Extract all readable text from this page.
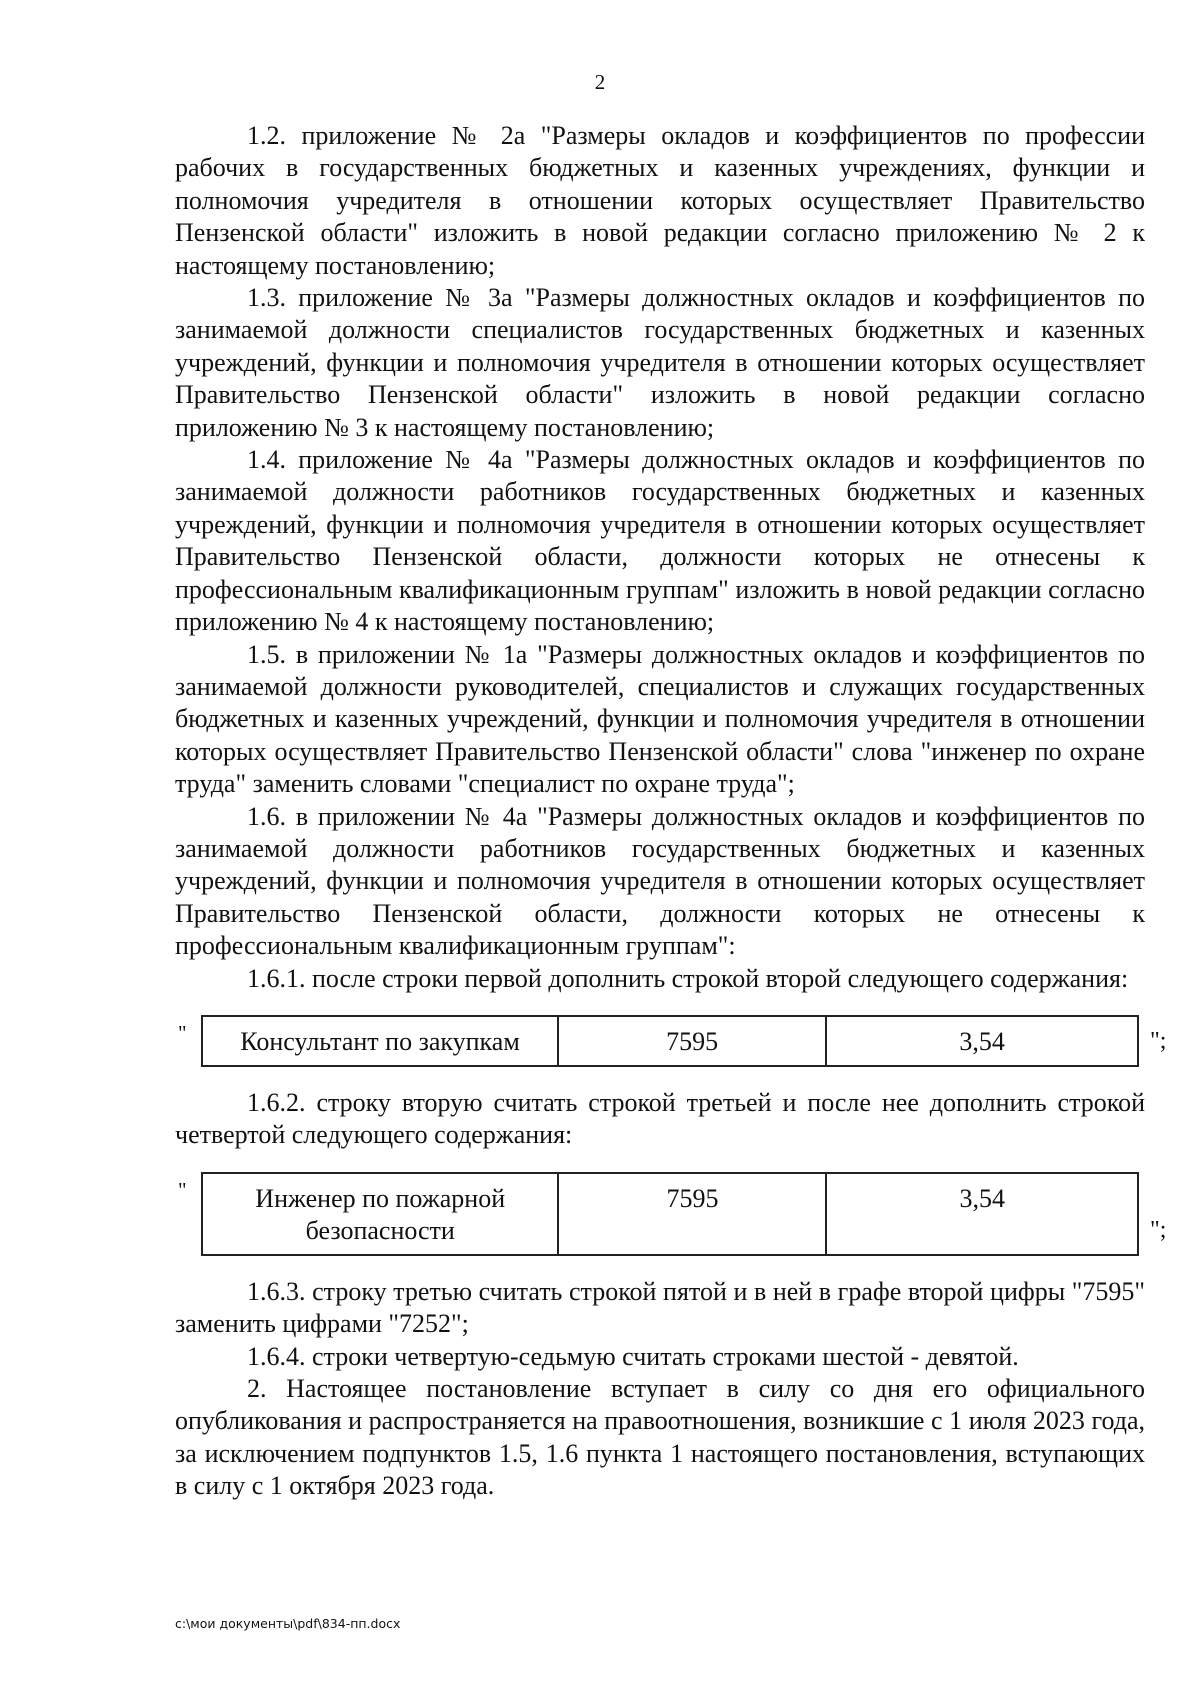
2

1.2. приложение № 2а "Размеры окладов и коэффициентов по профессии рабочих в государственных бюджетных и казенных учреждениях, функции и полномочия учредителя в отношении которых осуществляет Правительство Пензенской области" изложить в новой редакции согласно приложению № 2 к настоящему постановлению;

1.3. приложение № 3а "Размеры должностных окладов и коэффициентов по занимаемой должности специалистов государственных бюджетных и казенных учреждений, функции и полномочия учредителя в отношении которых осуществляет Правительство Пензенской области" изложить в новой редакции согласно приложению № 3 к настоящему постановлению;

1.4. приложение № 4а "Размеры должностных окладов и коэффициентов по занимаемой должности работников государственных бюджетных и казенных учреждений, функции и полномочия учредителя в отношении которых осуществляет Правительство Пензенской области, должности которых не отнесены к профессиональным квалификационным группам" изложить в новой редакции согласно приложению № 4 к настоящему постановлению;

1.5. в приложении № 1а "Размеры должностных окладов и коэффициентов по занимаемой должности руководителей, специалистов и служащих государственных бюджетных и казенных учреждений, функции и полномочия учредителя в отношении которых осуществляет Правительство Пензенской области" слова "инженер по охране труда" заменить словами "специалист по охране труда";

1.6. в приложении № 4а "Размеры должностных окладов и коэффициентов по занимаемой должности работников государственных бюджетных и казенных учреждений, функции и полномочия учредителя в отношении которых осуществляет Правительство Пензенской области, должности которых не отнесены к профессиональным квалификационным группам":

1.6.1. после строки первой дополнить строкой второй следующего содержания:

" Консультант по закупкам	7595	3,54	";

1.6.2. строку вторую считать строкой третьей и после нее дополнить строкой четвертой следующего содержания:

"	Инженер по пожарной безопасности	7595	3,54
";

1.6.3. строку третью считать строкой пятой и в ней в графе второй цифры "7595" заменить цифрами "7252";

1.6.4. строки четвертую-седьмую считать строками шестой - девятой.

2. Настоящее постановление вступает в силу со дня его официального опубликования и распространяется на правоотношения, возникшие с 1 июля 2023 года, за исключением подпунктов 1.5, 1.6 пункта 1 настоящего постановления, вступающих в силу с 1 октября 2023 года.

c:\мои документы\pdf\834-пп.docx
